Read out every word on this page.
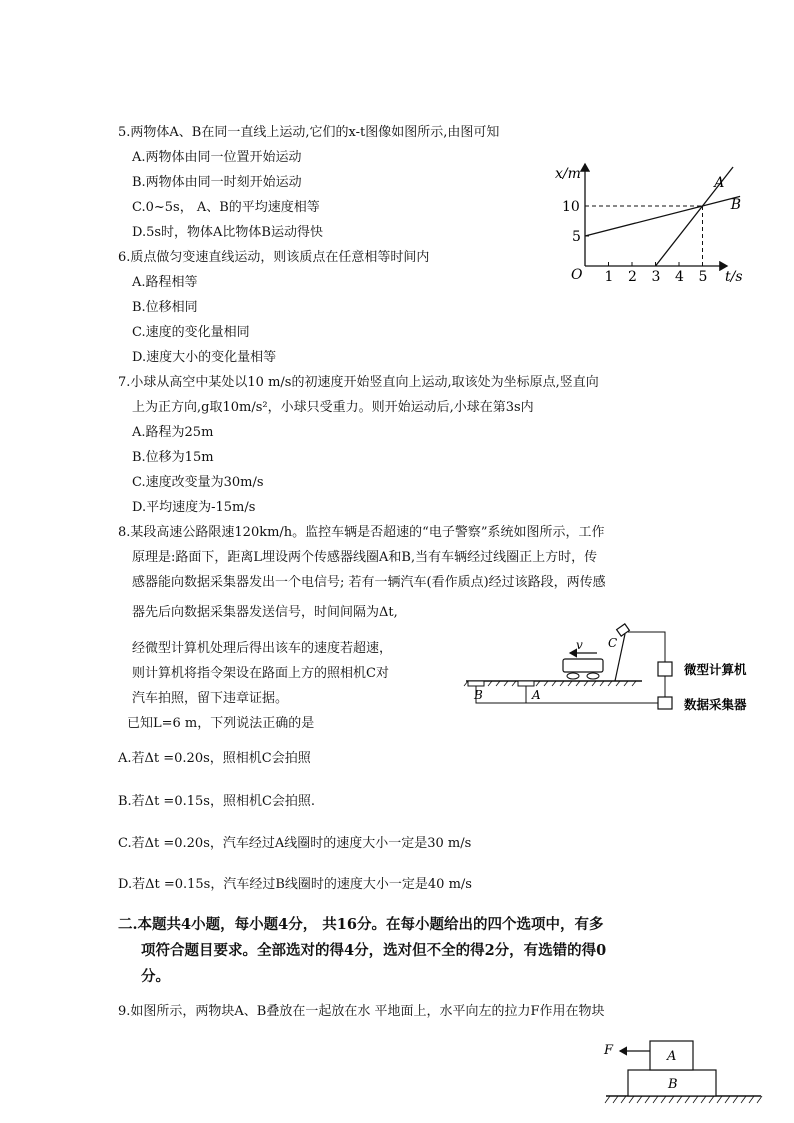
5.两物体A、B在同一直线上运动,它们的x-t图像如图所示,由图可知
A.两物体由同一位置开始运动
B.两物体由同一时刻开始运动
C.0~5s， A、B的平均速度相等
D.5s时，物体A比物体B运动得快
x/m
t/s
O 1 2 3 4 5
5
10
A
B
6.质点做匀变速直线运动，则该质点在任意相等时间内
A.路程相等
B.位移相同
C.速度的变化量相同
D.速度大小的变化量相等
7.小球从高空中某处以10 m/s的初速度开始竖直向上运动,取该处为坐标原点,竖直向
上为正方向,g取10m/s²，小球只受重力。则开始运动后,小球在第3s内
A.路程为25m
B.位移为15m
C.速度改变量为30m/s
D.平均速度为-15m/s
8.某段高速公路限速120km/h。监控车辆是否超速的“电子警察”系统如图所示，工作
原理是:路面下，距离L埋设两个传感器线圈A和B,当有车辆经过线圈正上方时，传
感器能向数据采集器发出一个电信号; 若有一辆汽车(看作质点)经过该路段，两传感
器先后向数据采集器发送信号，时间间隔为Δt,
经微型计算机处理后得出该车的速度若超速，
则计算机将指令架设在路面上方的照相机C对
汽车拍照，留下违章证据。
已知L=6 m，下列说法正确的是
B	A
v C
微型计算机
数据采集器
A.若Δt =0.20s，照相机C会拍照
B.若Δt =0.15s，照相机C会拍照.
C.若Δt =0.20s，汽车经过A线圈时的速度大小一定是30 m/s
D.若Δt =0.15s，汽车经过B线圈时的速度大小一定是40 m/s
二.本题共4小题，每小题4分， 共16分。在每小题给出的四个选项中，有多
项符合题目要求。全部选对的得4分，选对但不全的得2分，有选错的得0
分。
9.如图所示，两物块A、B叠放在一起放在水 平地面上，水平向左的拉力F作用在物块
A
B
F
